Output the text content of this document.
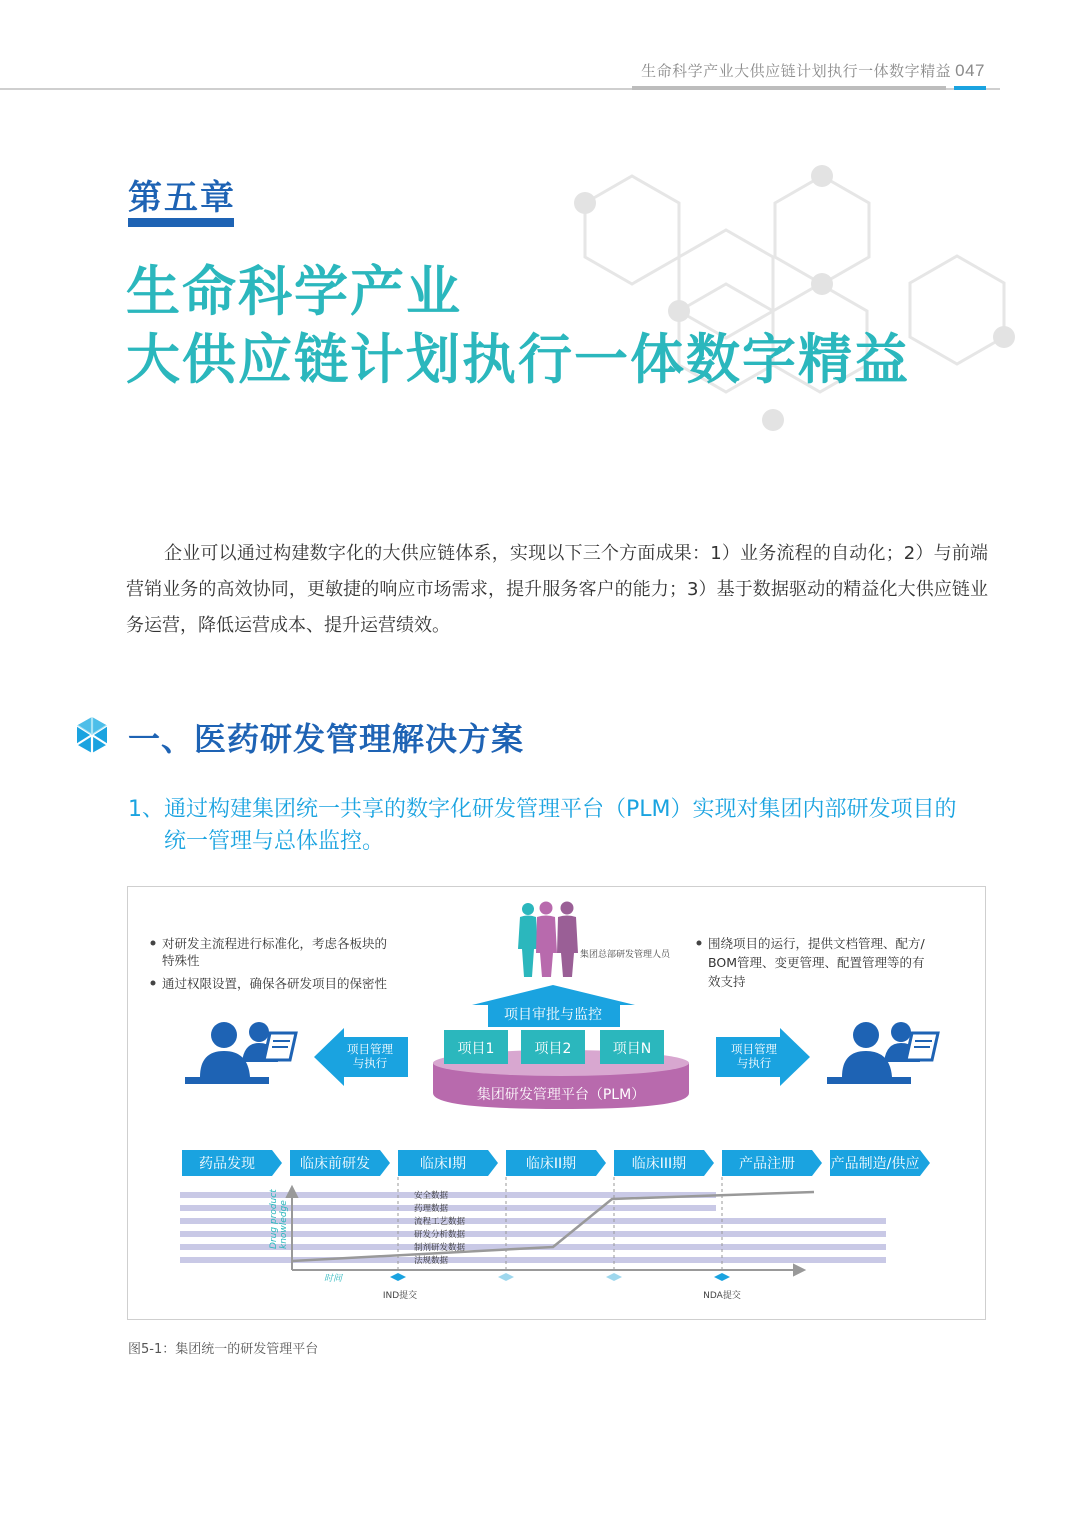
生命科学产业大供应链计划执行一体数字精益 047
第五章
生命科学产业
大供应链计划执行一体数字精益

企业可以通过构建数字化的大供应链体系，实现以下三个方面成果：1）业务流程的自动化；2）与前端营销业务的高效协同，更敏捷的响应市场需求，提升服务客户的能力；3）基于数据驱动的精益化大供应链业务运营，降低运营成本、提升运营绩效。

一、医药研发管理解决方案
1、通过构建集团统一共享的数字化研发管理平台（PLM）实现对集团内部研发项目的
统一管理与总体监控。
对研发主流程进行标准化，考虑各板块的
特殊性
通过权限设置，确保各研发项目的保密性
围绕项目的运行，提供文档管理、配方/
BOM管理、变更管理、配置管理等的有
效支持
集团总部研发管理人员
项目审批与监控
集团研发管理平台（PLM）
项目1	项目2	项目N
项目管理
与执行
项目管理
与执行
药品发现	临床前研发	临床I期	临床II期	临床III期	产品注册	产品制造/供应
Drug product knowledge
时间
安全数据
药理数据
流程工艺数据
研发分析数据
制剂研发数据
法规数据
IND提交	NDA提交
图5-1：集团统一的研发管理平台
